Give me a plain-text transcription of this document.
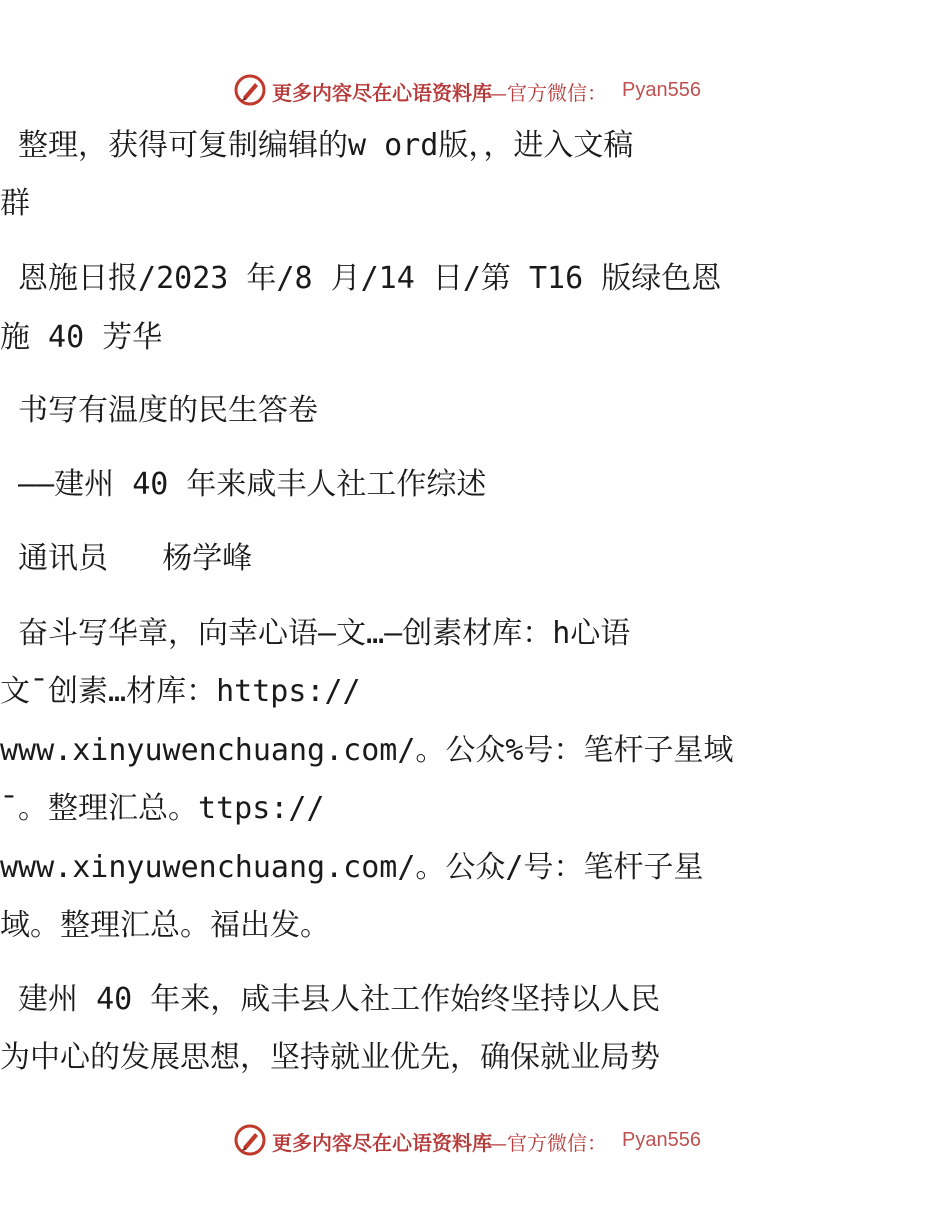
更多内容尽在心语资料库
—官方微信： Pyan556
整理，获得可复制编辑的w ord版，，进入文稿
群
恩施日报/2023 年/8 月/14 日/第 T16 版绿色恩
施 40 芳华
书写有温度的民生答卷
——建州 40 年来咸丰人社工作综述
通讯员   杨学峰
奋斗写华章，向幸心语—文…—创素材库：h心语
文¯创素…材库：https://
www.xinyuwenchuang.com/。公众%号：笔杆子星域
¯。整理汇总。ttps://
www.xinyuwenchuang.com/。公众/号：笔杆子星
域。整理汇总。福出发。
建州 40 年来，咸丰县人社工作始终坚持以人民
为中心的发展思想，坚持就业优先，确保就业局势
更多内容尽在心语资料库
—官方微信： Pyan556
